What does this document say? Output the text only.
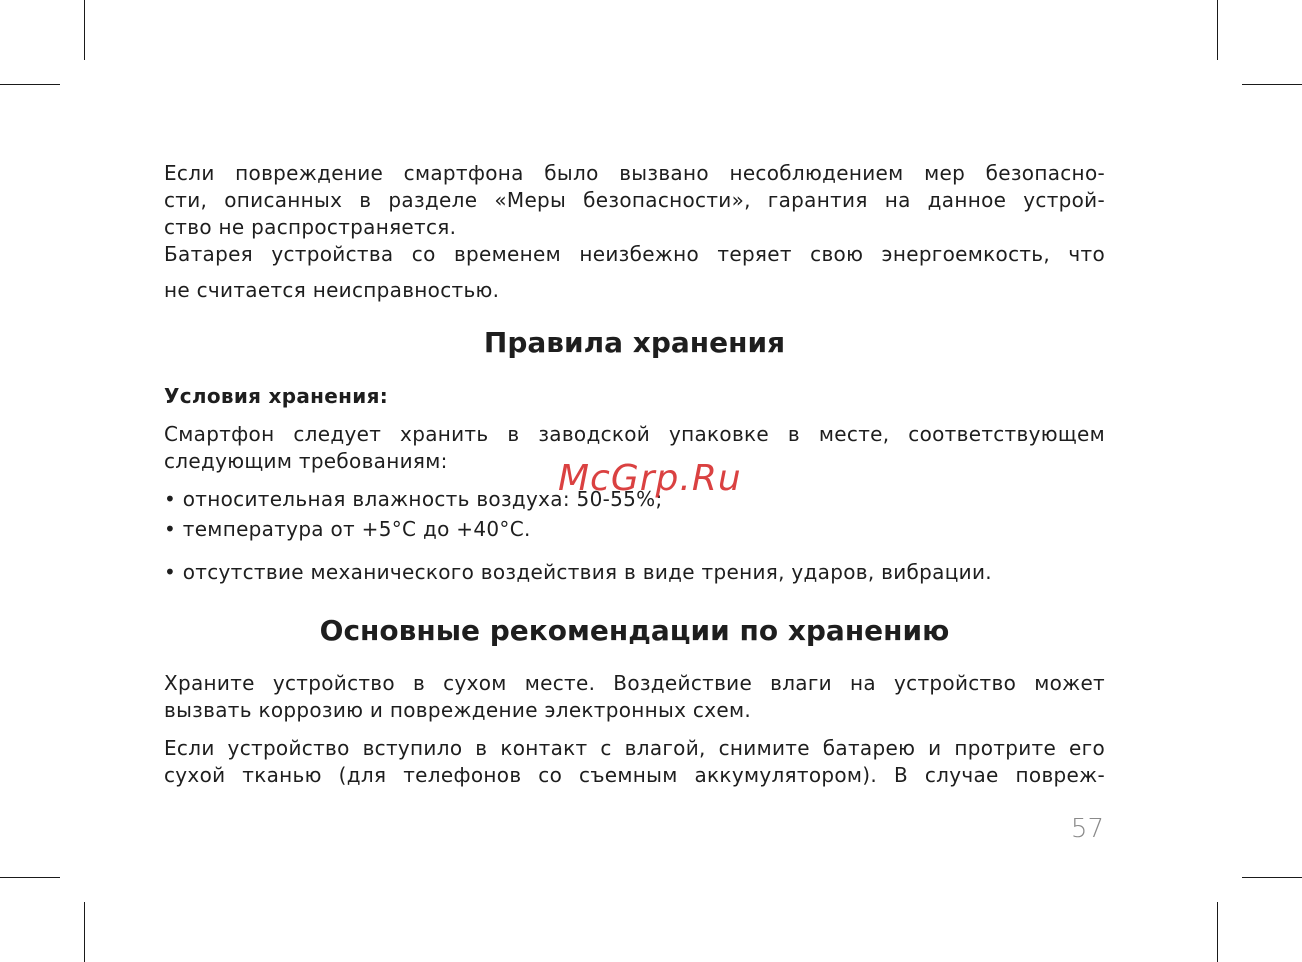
Если повреждение смартфона было вызвано несоблюдением мер безопасно-
сти, описанных в разделе «Меры безопасности», гарантия на данное устрой-
ство не распространяется.
Батарея устройства со временем неизбежно теряет свою энергоемкость, что
не считается неисправностью.
Правила хранения
Условия хранения:
Смартфон следует хранить в заводской упаковке в месте, соответствующем
следующим требованиям:
• относительная влажность воздуха: 50-55%;
• температура от +5°С до +40°С.
• отсутствие механического воздействия в виде трения, ударов, вибрации.
Основные рекомендации по хранению
Храните устройство в сухом месте. Воздействие влаги на устройство может
вызвать коррозию и повреждение электронных схем.
Если устройство вступило в контакт с влагой, снимите батарею и протрите его
сухой тканью (для телефонов со съемным аккумулятором). В случае повреж-
57
McGrp.Ru
